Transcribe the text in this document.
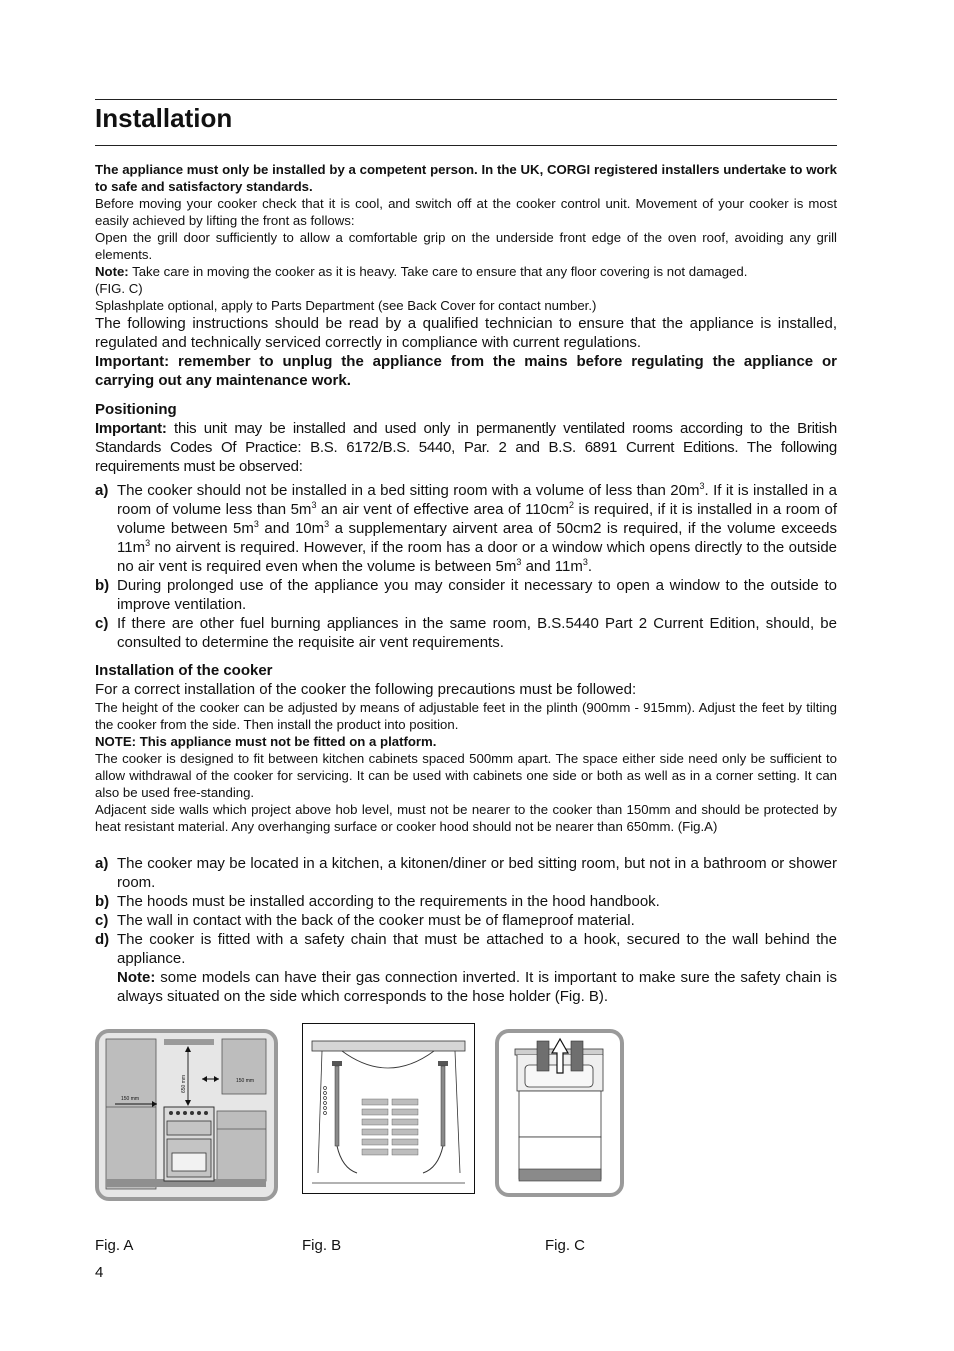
Installation
The appliance must only be installed by a competent person. In the UK, CORGI registered installers undertake to work to safe and satisfactory standards.
Before moving your cooker check that it is cool, and switch off at the cooker control unit. Movement of your cooker is most easily achieved by lifting the front as follows:
Open the grill door sufficiently to allow a comfortable grip on the underside front edge of the oven roof, avoiding any grill elements.
Note: Take care in moving the cooker as it is heavy. Take care to ensure that any floor covering is not damaged.
(FIG. C)
Splashplate optional, apply to Parts Department (see Back Cover for contact number.)
The following instructions should be read by a qualified technician to ensure that the appliance is installed, regulated and technically serviced correctly in compliance with current regulations.
Important: remember to unplug the appliance from the mains before regulating the appliance or carrying out any maintenance work.
Positioning
Important: this unit may be installed and used only in permanently ventilated rooms according to the British Standards Codes Of Practice: B.S. 6172/B.S. 5440, Par. 2 and B.S. 6891 Current Editions. The following requirements must be observed:
a) The cooker should not be installed in a bed sitting room with a volume of less than $20m^3$. If it is installed in a room of volume less than $5m^3$ an air vent of effective area of $110cm^2$ is required, if it is installed in a room of volume between $5m^3$ and $10m^3$ a supplementary airvent area of 50cm2 is required, if the volume exceeds $11m^3$ no airvent is required. However, if the room has a door or a window which opens directly to the outside no air vent is required even when the volume is between $5m^3$ and $11m^3$.
b) During prolonged use of the appliance you may consider it necessary to open a window to the outside to improve ventilation.
c) If there are other fuel burning appliances in the same room, B.S.5440 Part 2 Current Edition, should, be consulted to determine the requisite air vent requirements.
Installation of the cooker
For a correct installation of the cooker the following precautions must be followed:
The height of the cooker can be adjusted by means of adjustable feet in the plinth (900mm - 915mm). Adjust the feet by tilting the cooker from the side. Then install the product into position.
NOTE: This appliance must not be fitted on a platform.
The cooker is designed to fit between kitchen cabinets spaced 500mm apart. The space either side need only be sufficient to allow withdrawal of the cooker for servicing. It can be used with cabinets one side or both as well as in a corner setting. It can also be used free-standing.
Adjacent side walls which project above hob level, must not be nearer to the cooker than 150mm and should be protected by heat resistant material. Any overhanging surface or cooker hood should not be nearer than 650mm. (Fig.A)
a) The cooker may be located in a kitchen, a kitonen/diner or bed sitting room, but not in a bathroom or shower room.
b) The hoods must be installed according to the requirements in the hood handbook.
c) The wall in contact with the back of the cooker must be of flameproof material.
d) The cooker is fitted with a safety chain that must be attached to a hook, secured to the wall behind the appliance.
Note: some models can have their gas connection inverted. It is important to make sure the safety chain is always situated on the side which corresponds to the hose holder (Fig. B).
150 mm
150 mm
650 mm
Fig. A	Fig. B	Fig. C
4
